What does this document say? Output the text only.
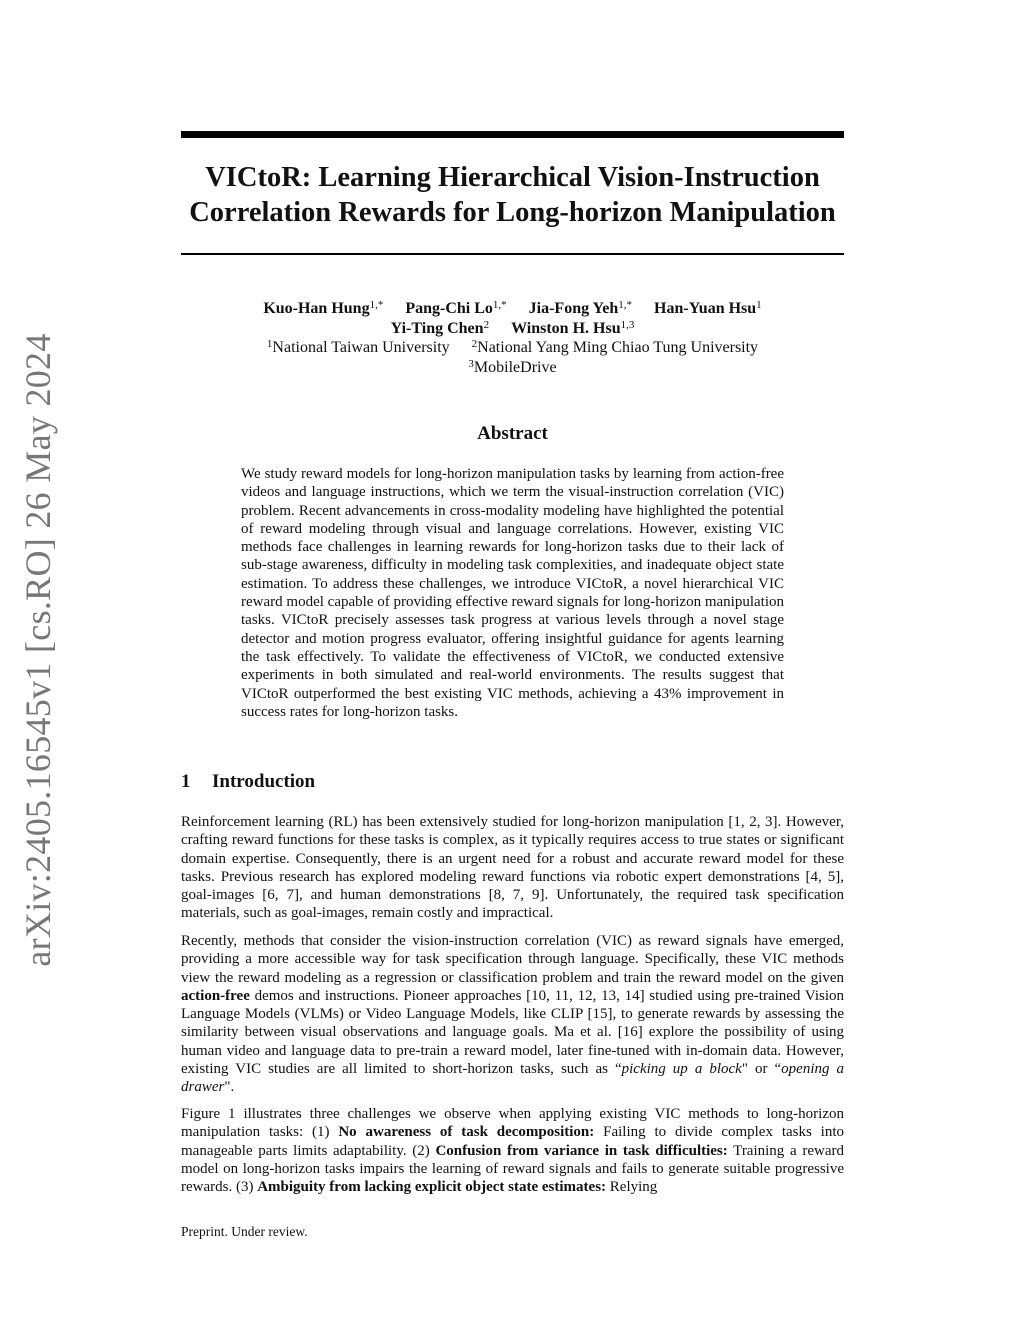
arXiv:2405.16545v1 [cs.RO] 26 May 2024
VICtoR: Learning Hierarchical Vision-Instruction
Correlation Rewards for Long-horizon Manipulation
Kuo-Han Hung$^{1,*}$ Pang-Chi $Lo^{1,*}$ Jia-Fong Yeh$^{1,*}$ Han-Yuan Hsu$^1$
Yi-Ting Chen$^2$ Winston H. Hsu$^{1,3}$
$^1$National Taiwan University $^2$National Yang Ming Chiao Tung University
$^3$MobileDrive
Abstract

We study reward models for long-horizon manipulation tasks by learning from action-free videos and language instructions, which we term the visual-instruction correlation (VIC) problem. Recent advancements in cross-modality modeling have highlighted the potential of reward modeling through visual and language correlations. However, existing VIC methods face challenges in learning rewards for long-horizon tasks due to their lack of sub-stage awareness, difficulty in modeling task complexities, and inadequate object state estimation. To address these challenges, we introduce VICtoR, a novel hierarchical VIC reward model capable of providing effective reward signals for long-horizon manipulation tasks. VICtoR precisely assesses task progress at various levels through a novel stage detector and motion progress evaluator, offering insightful guidance for agents learning the task effectively. To validate the effectiveness of VICtoR, we conducted extensive experiments in both simulated and real-world environments. The results suggest that VICtoR outperformed the best existing VIC methods, achieving a 43% improvement in success rates for long-horizon tasks.

1 Introduction

Reinforcement learning (RL) has been extensively studied for long-horizon manipulation [1, 2, 3]. However, crafting reward functions for these tasks is complex, as it typically requires access to true states or significant domain expertise. Consequently, there is an urgent need for a robust and accurate reward model for these tasks. Previous research has explored modeling reward functions via robotic expert demonstrations [4, 5], goal-images [6, 7], and human demonstrations [8, 7, 9]. Unfortunately, the required task specification materials, such as goal-images, remain costly and impractical.

Recently, methods that consider the vision-instruction correlation (VIC) as reward signals have emerged, providing a more accessible way for task specification through language. Specifically, these VIC methods view the reward modeling as a regression or classification problem and train the reward model on the given action-free demos and instructions. Pioneer approaches [10, 11, 12, 13, 14] studied using pre-trained Vision Language Models (VLMs) or Video Language Models, like CLIP [15], to generate rewards by assessing the similarity between visual observations and language goals. Ma et al. [16] explore the possibility of using human video and language data to pre-train a reward model, later fine-tuned with in-domain data. However, existing VIC studies are all limited to short-horizon tasks, such as “picking up a block" or “opening a drawer".

Figure 1 illustrates three challenges we observe when applying existing VIC methods to long-horizon manipulation tasks: (1) No awareness of task decomposition: Failing to divide complex tasks into manageable parts limits adaptability. (2) Confusion from variance in task difficulties: Training a reward model on long-horizon tasks impairs the learning of reward signals and fails to generate suitable progressive rewards. (3) Ambiguity from lacking explicit object state estimates: Relying

Preprint. Under review.
